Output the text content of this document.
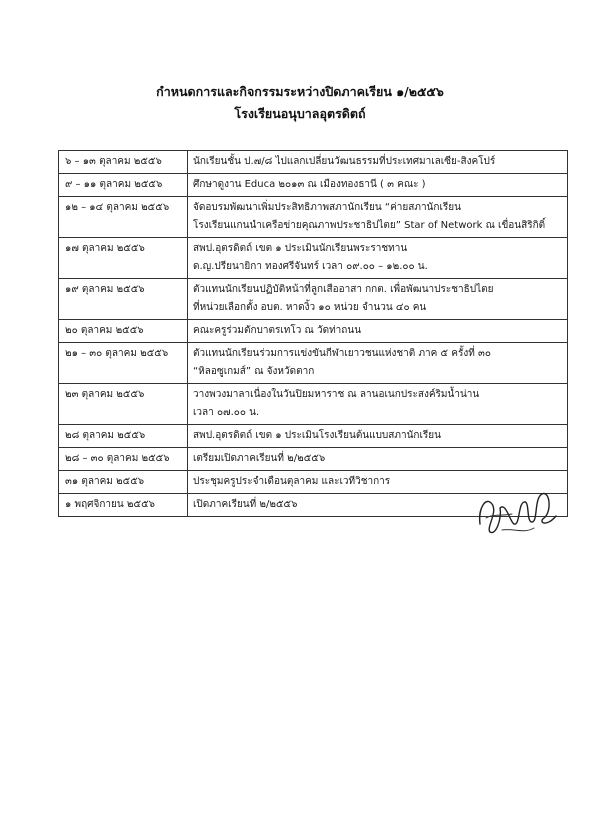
กำหนดการและกิจกรรมระหว่างปิดภาคเรียน ๑/๒๕๕๖
โรงเรียนอนุบาลอุตรดิตถ์
๖ – ๑๓ ตุลาคม ๒๕๕๖	นักเรียนชั้น ป.๗/๘ ไปแลกเปลี่ยนวัฒนธรรมที่ประเทศมาเลเซีย-สิงคโปร์

๙ – ๑๑ ตุลาคม ๒๕๕๖	ศึกษาดูงาน Educa ๒๐๑๓ ณ เมืองทองธานี ( ๓ คณะ )

๑๒ – ๑๔ ตุลาคม ๒๕๕๖	จัดอบรมพัฒนาเพิ่มประสิทธิภาพสภานักเรียน “ค่ายสภานักเรียน
โรงเรียนแกนนำเครือข่ายคุณภาพประชาธิปไตย” Star of Network ณ เขื่อนสิริกิติ์

๑๗ ตุลาคม ๒๕๕๖	สพป.อุตรดิตถ์ เขต ๑ ประเมินนักเรียนพระราชทาน
ด.ญ.ปรียนายิกา ทองศรีจันทร์ เวลา ๐๙.๐๐ – ๑๒.๐๐ น.

๑๙ ตุลาคม ๒๕๕๖	ตัวแทนนักเรียนปฏิบัติหน้าที่ลูกเสืออาสา กกต. เพื่อพัฒนาประชาธิปไตย
ที่หน่วยเลือกตั้ง อบต. หาดงิ้ว ๑๐ หน่วย จำนวน ๔๐ คน

๒๐ ตุลาคม ๒๕๕๖	คณะครูร่วมตักบาตรเทโว ณ วัดท่าถนน

๒๑ – ๓๐ ตุลาคม ๒๕๕๖	ตัวแทนนักเรียนร่วมการแข่งขันกีฬาเยาวชนแห่งชาติ ภาค ๕ ครั้งที่ ๓๐
“หิลอซูเกมส์” ณ จังหวัดตาก

๒๓ ตุลาคม ๒๕๕๖	วางพวงมาลาเนื่องในวันปิยมหาราช ณ ลานอเนกประสงค์ริมน้ำน่าน
เวลา ๐๗.๐๐ น.

๒๘ ตุลาคม ๒๕๕๖	สพป.อุตรดิตถ์ เขต ๑ ประเมินโรงเรียนต้นแบบสภานักเรียน

๒๘ – ๓๐ ตุลาคม ๒๕๕๖	เตรียมเปิดภาคเรียนที่ ๒/๒๕๕๖

๓๑ ตุลาคม ๒๕๕๖	ประชุมครูประจำเดือนตุลาคม และเวทีวิชาการ

๑ พฤศจิกายน ๒๕๕๖	เปิดภาคเรียนที่ ๒/๒๕๕๖
